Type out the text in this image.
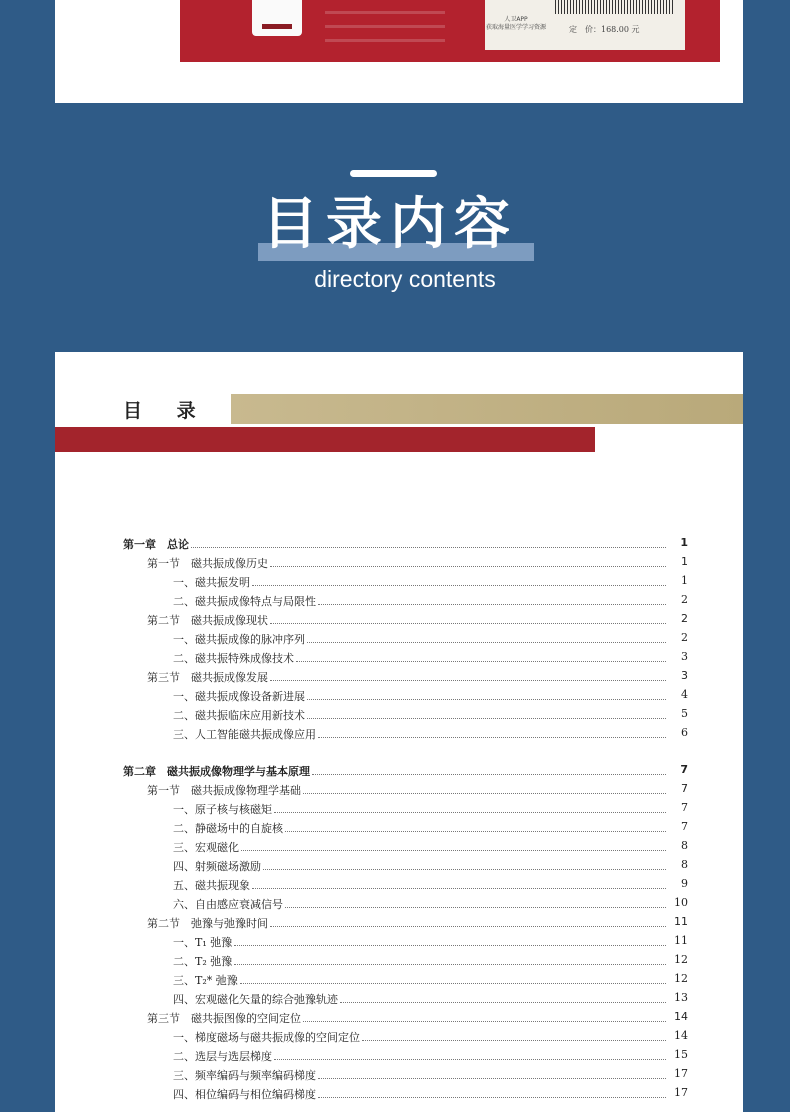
人卫APP
获取海量医学学习资源	定　价：168.00 元
目录内容
directory contents
目 录
第一章　总论	1
第一节　磁共振成像历史	1
一、磁共振发明	1
二、磁共振成像特点与局限性	2
第二节　磁共振成像现状	2
一、磁共振成像的脉冲序列	2
二、磁共振特殊成像技术	3
第三节　磁共振成像发展	3
一、磁共振成像设备新进展	4
二、磁共振临床应用新技术	5
三、人工智能磁共振成像应用	6
第二章　磁共振成像物理学与基本原理	7
第一节　磁共振成像物理学基础	7
一、原子核与核磁矩	7
二、静磁场中的自旋核	7
三、宏观磁化	8
四、射频磁场激励	8
五、磁共振现象	9
六、自由感应衰减信号	10
第二节　弛豫与弛豫时间	11
一、T₁ 弛豫	11
二、T₂ 弛豫	12
三、T₂* 弛豫	12
四、宏观磁化矢量的综合弛豫轨迹	13
第三节　磁共振图像的空间定位	14
一、梯度磁场与磁共振成像的空间定位	14
二、选层与选层梯度	15
三、频率编码与频率编码梯度	17
四、相位编码与相位编码梯度	17
